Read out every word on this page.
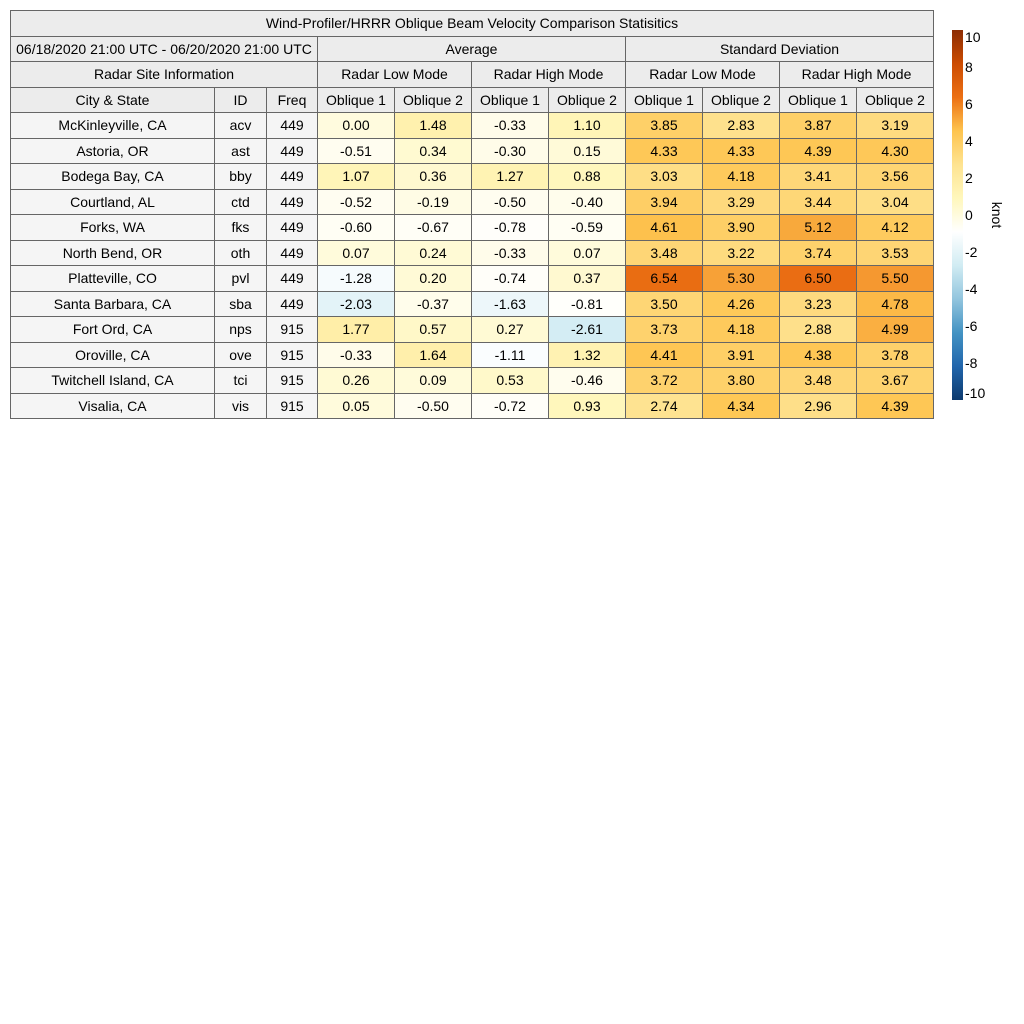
Wind-Profiler/HRRR Oblique Beam Velocity Comparison Statisitics										
06/18/2020 21:00 UTC - 06/20/2020 21:00 UTC			Average				Standard Deviation			
Radar Site Information			Radar Low Mode		Radar High Mode		Radar Low Mode		Radar High Mode	
City & State	ID	Freq	Oblique 1	Oblique 2	Oblique 1	Oblique 2	Oblique 1	Oblique 2	Oblique 1	Oblique 2
McKinleyville, CA	acv	449	0.00	1.48	-0.33	1.10	3.85	2.83	3.87	3.19
Astoria, OR	ast	449	-0.51	0.34	-0.30	0.15	4.33	4.33	4.39	4.30
Bodega Bay, CA	bby	449	1.07	0.36	1.27	0.88	3.03	4.18	3.41	3.56
Courtland, AL	ctd	449	-0.52	-0.19	-0.50	-0.40	3.94	3.29	3.44	3.04
Forks, WA	fks	449	-0.60	-0.67	-0.78	-0.59	4.61	3.90	5.12	4.12
North Bend, OR	oth	449	0.07	0.24	-0.33	0.07	3.48	3.22	3.74	3.53
Platteville, CO	pvl	449	-1.28	0.20	-0.74	0.37	6.54	5.30	6.50	5.50
Santa Barbara, CA	sba	449	-2.03	-0.37	-1.63	-0.81	3.50	4.26	3.23	4.78
Fort Ord, CA	nps	915	1.77	0.57	0.27	-2.61	3.73	4.18	2.88	4.99
Oroville, CA	ove	915	-0.33	1.64	-1.11	1.32	4.41	3.91	4.38	3.78
Twitchell Island, CA	tci	915	0.26	0.09	0.53	-0.46	3.72	3.80	3.48	3.67
Visalia, CA	vis	915	0.05	-0.50	-0.72	0.93	2.74	4.34	2.96	4.39
10
8
6
4
2
0
-2
-4
-6
-8
-10
knot
